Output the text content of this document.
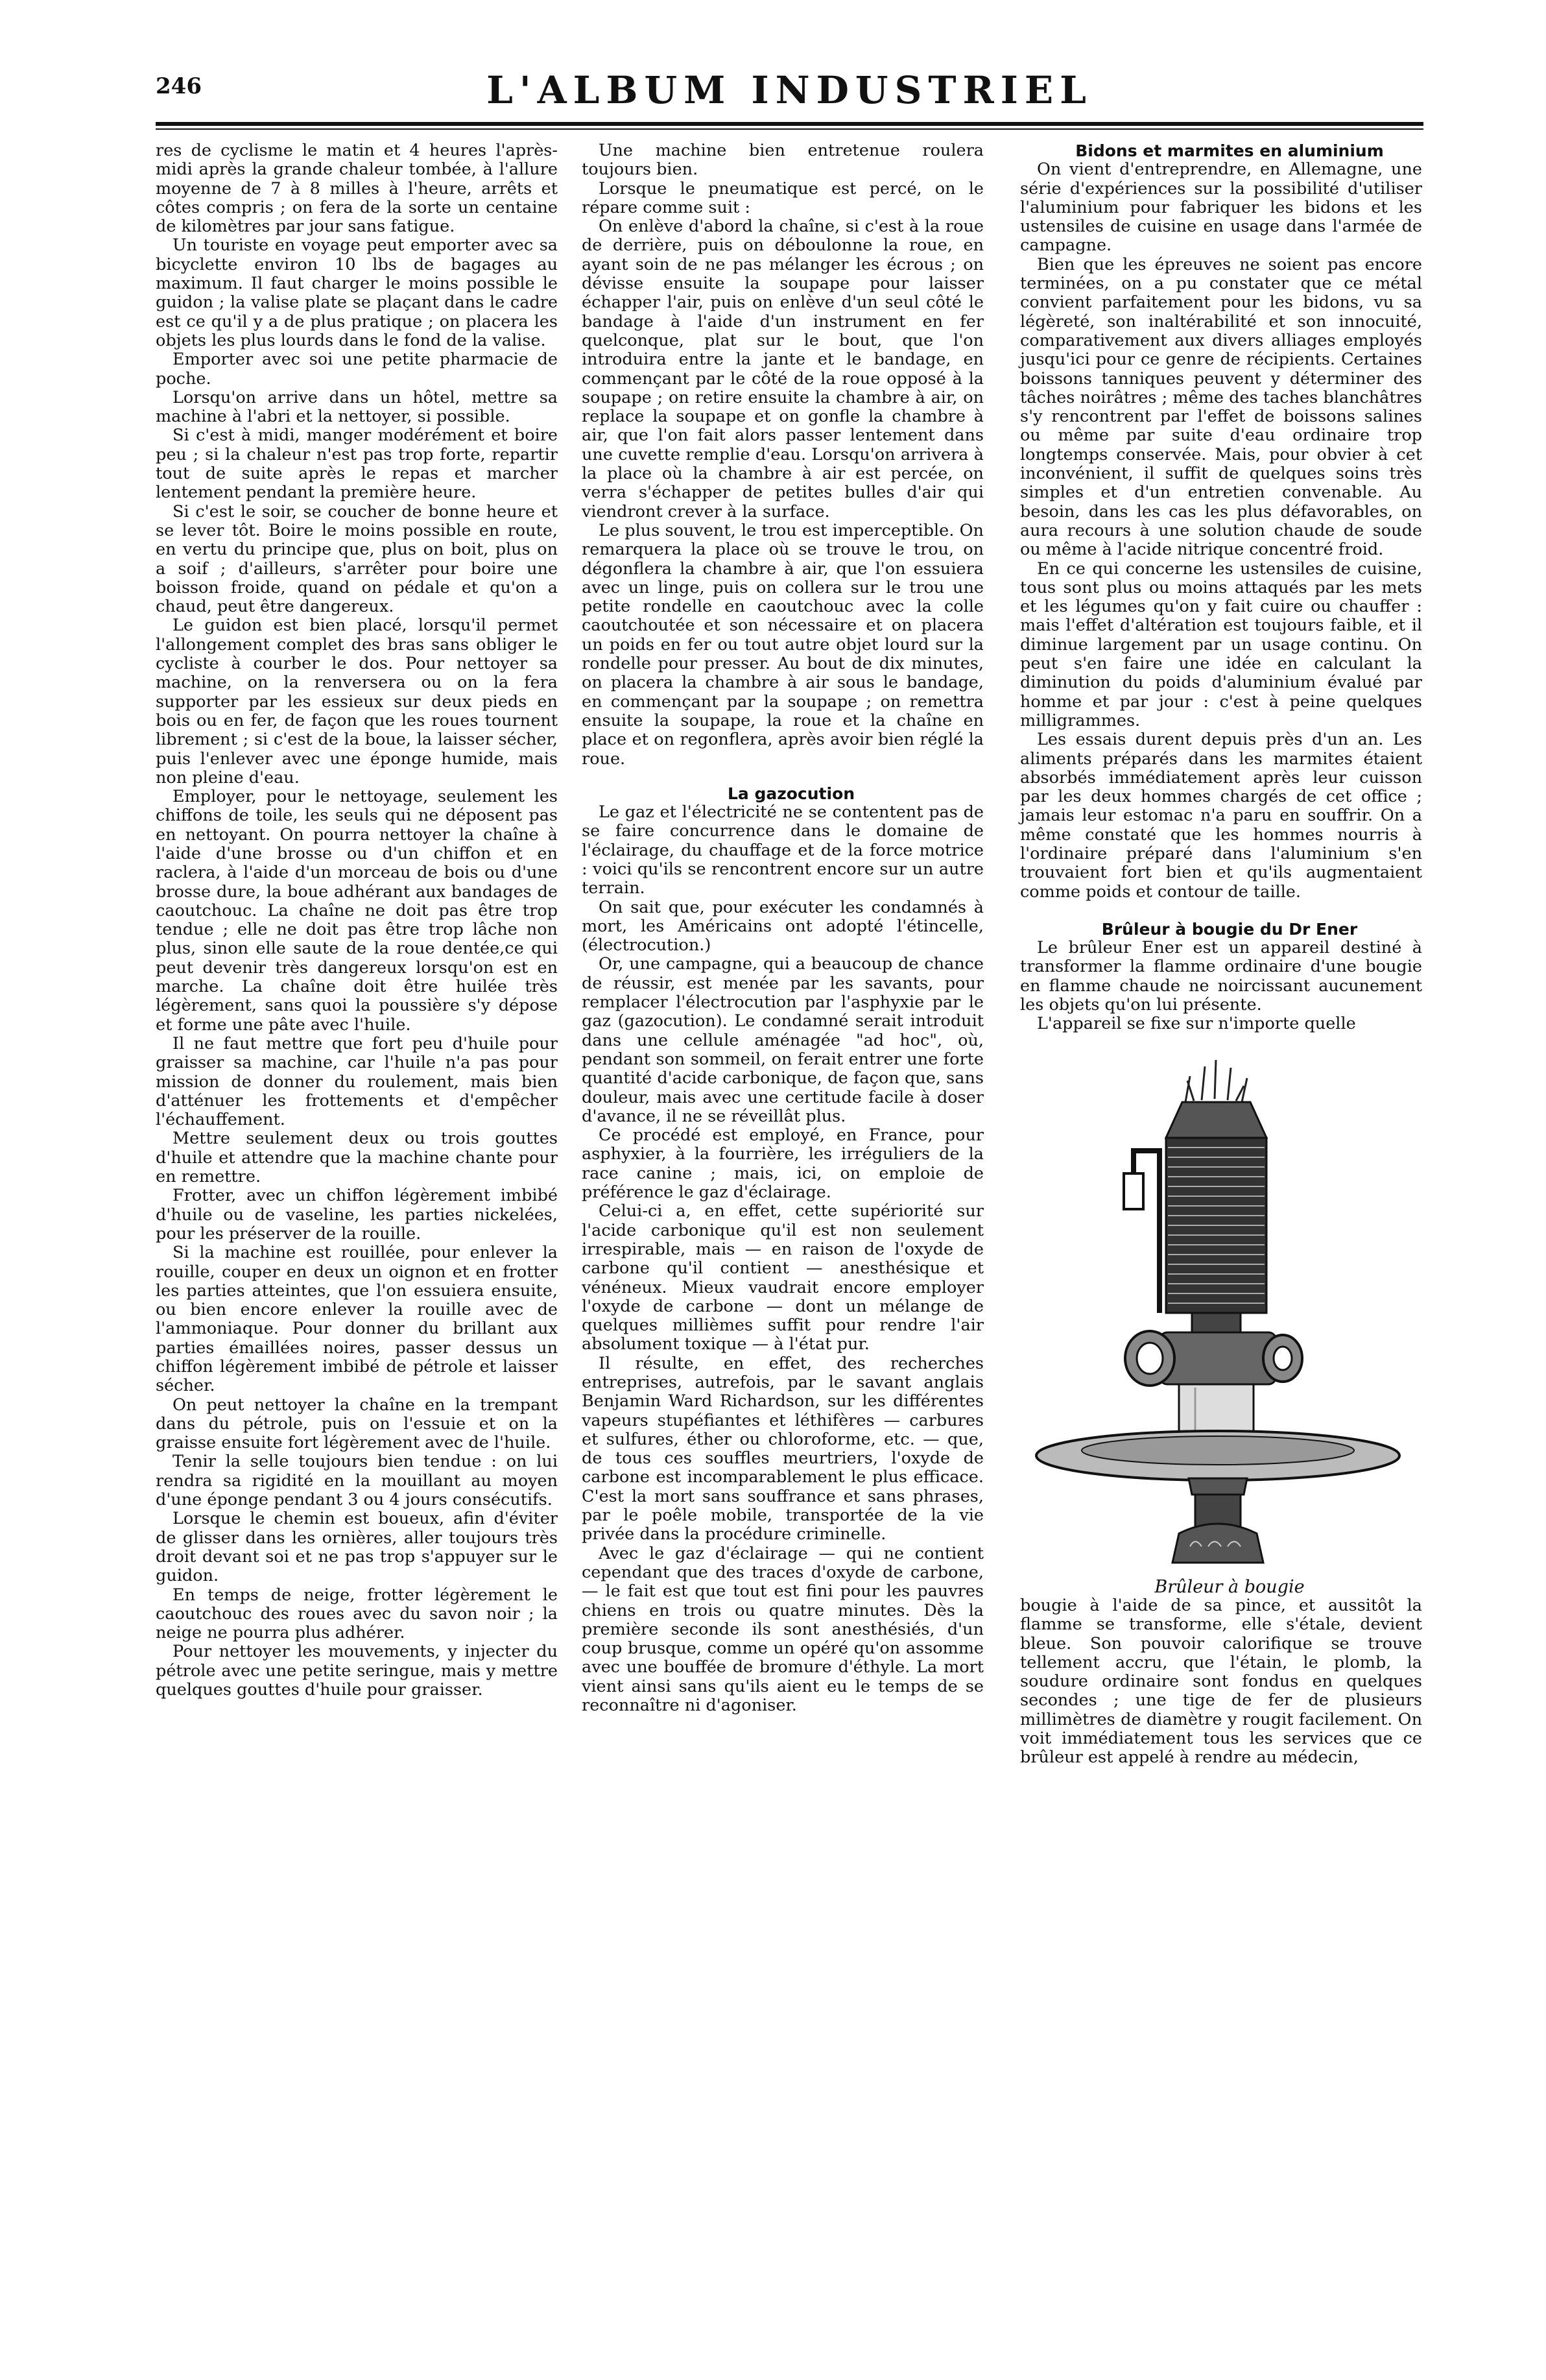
246	L'ALBUM INDUSTRIEL

res de cyclisme le matin et 4 heures l'après-midi après la grande chaleur tombée, à l'allure moyenne de 7 à 8 milles à l'heure, arrêts et côtes compris ; on fera de la sorte un centaine de kilomètres par jour sans fatigue.

Un touriste en voyage peut emporter avec sa bicyclette environ 10 lbs de bagages au maximum. Il faut charger le moins possible le guidon ; la valise plate se plaçant dans le cadre est ce qu'il y a de plus pratique ; on placera les objets les plus lourds dans le fond de la valise.

Emporter avec soi une petite pharmacie de poche.

Lorsqu'on arrive dans un hôtel, mettre sa machine à l'abri et la nettoyer, si possible.

Si c'est à midi, manger modérément et boire peu ; si la chaleur n'est pas trop forte, repartir tout de suite après le repas et marcher lentement pendant la première heure.

Si c'est le soir, se coucher de bonne heure et se lever tôt. Boire le moins possible en route, en vertu du principe que, plus on boit, plus on a soif ; d'ailleurs, s'arrêter pour boire une boisson froide, quand on pédale et qu'on a chaud, peut être dangereux.

Le guidon est bien placé, lorsqu'il permet l'allongement complet des bras sans obliger le cycliste à courber le dos. Pour nettoyer sa machine, on la renversera ou on la fera supporter par les essieux sur deux pieds en bois ou en fer, de façon que les roues tournent librement ; si c'est de la boue, la laisser sécher, puis l'enlever avec une éponge humide, mais non pleine d'eau.

Employer, pour le nettoyage, seulement les chiffons de toile, les seuls qui ne déposent pas en nettoyant. On pourra nettoyer la chaîne à l'aide d'une brosse ou d'un chiffon et en raclera, à l'aide d'un morceau de bois ou d'une brosse dure, la boue adhérant aux bandages de caoutchouc. La chaîne ne doit pas être trop tendue ; elle ne doit pas être trop lâche non plus, sinon elle saute de la roue dentée,ce qui peut devenir très dangereux lorsqu'on est en marche. La chaîne doit être huilée très légèrement, sans quoi la poussière s'y dépose et forme une pâte avec l'huile.

Il ne faut mettre que fort peu d'huile pour graisser sa machine, car l'huile n'a pas pour mission de donner du roulement, mais bien d'atténuer les frottements et d'empêcher l'échauffement.

Mettre seulement deux ou trois gouttes d'huile et attendre que la machine chante pour en remettre.

Frotter, avec un chiffon légèrement imbibé d'huile ou de vaseline, les parties nickelées, pour les préserver de la rouille.

Si la machine est rouillée, pour enlever la rouille, couper en deux un oignon et en frotter les parties atteintes, que l'on essuiera ensuite, ou bien encore enlever la rouille avec de l'ammoniaque. Pour donner du brillant aux parties émaillées noires, passer dessus un chiffon légèrement imbibé de pétrole et laisser sécher.

On peut nettoyer la chaîne en la trempant dans du pétrole, puis on l'essuie et on la graisse ensuite fort légèrement avec de l'huile.

Tenir la selle toujours bien tendue : on lui rendra sa rigidité en la mouillant au moyen d'une éponge pendant 3 ou 4 jours consécutifs.

Lorsque le chemin est boueux, afin d'éviter de glisser dans les ornières, aller toujours très droit devant soi et ne pas trop s'appuyer sur le guidon.

En temps de neige, frotter légèrement le caoutchouc des roues avec du savon noir ; la neige ne pourra plus adhérer.

Pour nettoyer les mouvements, y injecter du pétrole avec une petite seringue, mais y mettre quelques gouttes d'huile pour graisser.

Une machine bien entretenue roulera toujours bien.

Lorsque le pneumatique est percé, on le répare comme suit :

On enlève d'abord la chaîne, si c'est à la roue de derrière, puis on déboulonne la roue, en ayant soin de ne pas mélanger les écrous ; on dévisse ensuite la soupape pour laisser échapper l'air, puis on enlève d'un seul côté le bandage à l'aide d'un instrument en fer quelconque, plat sur le bout, que l'on introduira entre la jante et le bandage, en commençant par le côté de la roue opposé à la soupape ; on retire ensuite la chambre à air, on replace la soupape et on gonfle la chambre à air, que l'on fait alors passer lentement dans une cuvette remplie d'eau. Lorsqu'on arrivera à la place où la chambre à air est percée, on verra s'échapper de petites bulles d'air qui viendront crever à la surface.

Le plus souvent, le trou est imperceptible. On remarquera la place où se trouve le trou, on dégonflera la chambre à air, que l'on essuiera avec un linge, puis on collera sur le trou une petite rondelle en caoutchouc avec la colle caoutchoutée et son nécessaire et on placera un poids en fer ou tout autre objet lourd sur la rondelle pour presser. Au bout de dix minutes, on placera la chambre à air sous le bandage, en commençant par la soupape ; on remettra ensuite la soupape, la roue et la chaîne en place et on regonflera, après avoir bien réglé la roue.

La gazocution

Le gaz et l'électricité ne se contentent pas de se faire concurrence dans le domaine de l'éclairage, du chauffage et de la force motrice : voici qu'ils se rencontrent encore sur un autre terrain.

On sait que, pour exécuter les condamnés à mort, les Américains ont adopté l'étincelle, (électrocution.)

Or, une campagne, qui a beaucoup de chance de réussir, est menée par les savants, pour remplacer l'électrocution par l'asphyxie par le gaz (gazocution). Le condamné serait introduit dans une cellule aménagée "ad hoc", où, pendant son sommeil, on ferait entrer une forte quantité d'acide carbonique, de façon que, sans douleur, mais avec une certitude facile à doser d'avance, il ne se réveillât plus.

Ce procédé est employé, en France, pour asphyxier, à la fourrière, les irréguliers de la race canine ; mais, ici, on emploie de préférence le gaz d'éclairage.

Celui-ci a, en effet, cette supériorité sur l'acide carbonique qu'il est non seulement irrespirable, mais — en raison de l'oxyde de carbone qu'il contient — anesthésique et vénéneux. Mieux vaudrait encore employer l'oxyde de carbone — dont un mélange de quelques millièmes suffit pour rendre l'air absolument toxique — à l'état pur.

Il résulte, en effet, des recherches entreprises, autrefois, par le savant anglais Benjamin Ward Richardson, sur les différentes vapeurs stupéfiantes et léthifères — carbures et sulfures, éther ou chloroforme, etc. — que, de tous ces souffles meurtriers, l'oxyde de carbone est incomparablement le plus efficace. C'est la mort sans souffrance et sans phrases, par le poêle mobile, transportée de la vie privée dans la procédure criminelle.

Avec le gaz d'éclairage — qui ne contient cependant que des traces d'oxyde de carbone, — le fait est que tout est fini pour les pauvres chiens en trois ou quatre minutes. Dès la première seconde ils sont anesthésiés, d'un coup brusque, comme un opéré qu'on assomme avec une bouffée de bromure d'éthyle. La mort vient ainsi sans qu'ils aient eu le temps de se reconnaître ni d'agoniser.

Bidons et marmites en aluminium

On vient d'entreprendre, en Allemagne, une série d'expériences sur la possibilité d'utiliser l'aluminium pour fabriquer les bidons et les ustensiles de cuisine en usage dans l'armée de campagne.

Bien que les épreuves ne soient pas encore terminées, on a pu constater que ce métal convient parfaitement pour les bidons, vu sa légèreté, son inaltérabilité et son innocuité, comparativement aux divers alliages employés jusqu'ici pour ce genre de récipients. Certaines boissons tanniques peuvent y déterminer des tâches noirâtres ; même des taches blanchâtres s'y rencontrent par l'effet de boissons salines ou même par suite d'eau ordinaire trop longtemps conservée. Mais, pour obvier à cet inconvénient, il suffit de quelques soins très simples et d'un entretien convenable. Au besoin, dans les cas les plus défavorables, on aura recours à une solution chaude de soude ou même à l'acide nitrique concentré froid.

En ce qui concerne les ustensiles de cuisine, tous sont plus ou moins attaqués par les mets et les légumes qu'on y fait cuire ou chauffer : mais l'effet d'altération est toujours faible, et il diminue largement par un usage continu. On peut s'en faire une idée en calculant la diminution du poids d'aluminium évalué par homme et par jour : c'est à peine quelques milligrammes.

Les essais durent depuis près d'un an. Les aliments préparés dans les marmites étaient absorbés immédiatement après leur cuisson par les deux hommes chargés de cet office ; jamais leur estomac n'a paru en souffrir. On a même constaté que les hommes nourris à l'ordinaire préparé dans l'aluminium s'en trouvaient fort bien et qu'ils augmentaient comme poids et contour de taille.

Brûleur à bougie du Dr Ener

Le brûleur Ener est un appareil destiné à transformer la flamme ordinaire d'une bougie en flamme chaude ne noircissant aucunement les objets qu'on lui présente.

L'appareil se fixe sur n'importe quelle

Brûleur à bougie

bougie à l'aide de sa pince, et aussitôt la flamme se transforme, elle s'étale, devient bleue. Son pouvoir calorifique se trouve tellement accru, que l'étain, le plomb, la soudure ordinaire sont fondus en quelques secondes ; une tige de fer de plusieurs millimètres de diamètre y rougit facilement. On voit immédiatement tous les services que ce brûleur est appelé à rendre au médecin,
